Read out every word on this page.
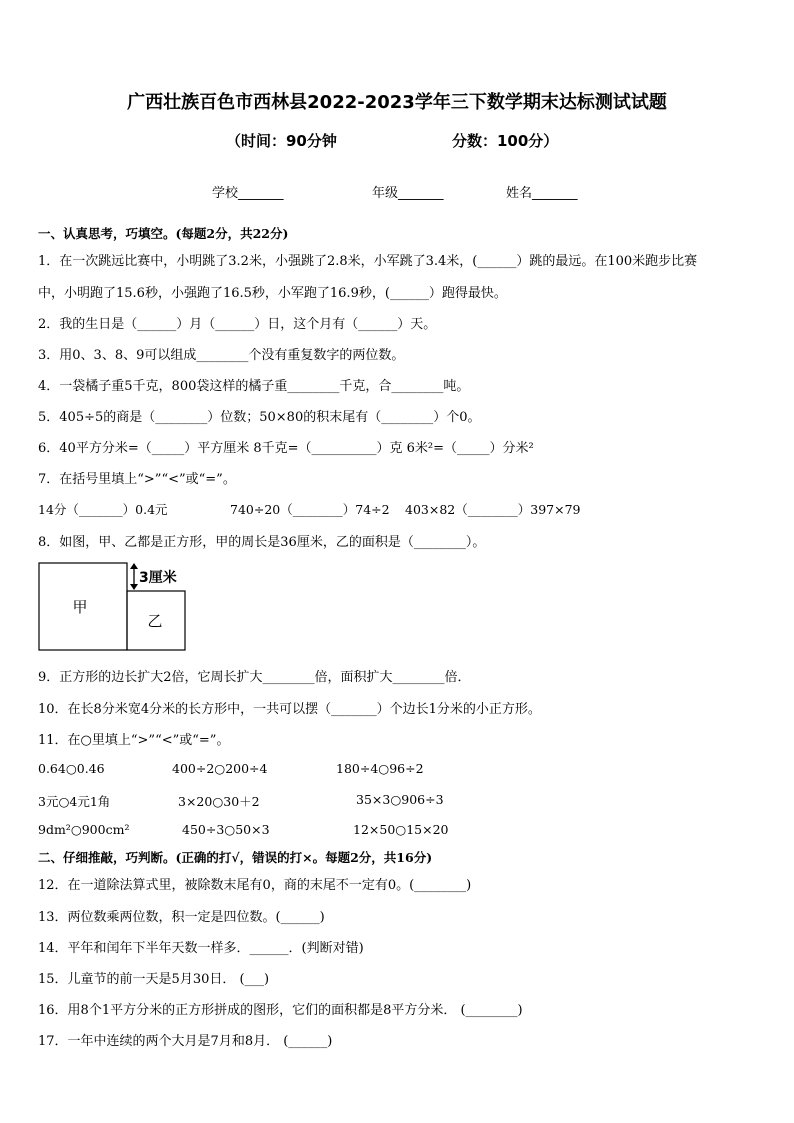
广西壮族百色市西林县2022-2023学年三下数学期末达标测试试题
（时间：90分钟	分数：100分）
学校_______	年级_______	姓名_______
一、认真思考，巧填空。(每题2分，共22分)
1．在一次跳远比赛中，小明跳了3.2米，小强跳了2.8米，小军跳了3.4米，(______）跳的最远。在100米跑步比赛
中，小明跑了15.6秒，小强跑了16.5秒，小军跑了16.9秒，(______）跑得最快。
2．我的生日是（______）月（______）日，这个月有（______）天。
3．用0、3、8、9可以组成________个没有重复数字的两位数。
4．一袋橘子重5千克，800袋这样的橘子重________千克，合________吨。
5．405÷5的商是（________）位数；50×80的积末尾有（________）个0。
6．40平方分米=（_____）平方厘米 8千克=（__________）克 6米²=（_____）分米²
7．在括号里填上“>”“<”或“=”。
14分（_______）0.4元	740÷20（________）74÷2 403×82（________）397×79
8．如图，甲、乙都是正方形，甲的周长是36厘米，乙的面积是（________）。
甲
乙
3厘米
9．正方形的边长扩大2倍，它周长扩大________倍，面积扩大________倍．
10．在长8分米宽4分米的长方形中，一共可以摆（_______）个边长1分米的小正方形。
11．在○里填上“>”“<”或“=”。
0.64○0.46	400÷2○200÷4	180÷4○96÷2
3元○4元1角	3×20○30＋2	35×3○906÷3
9dm²○900cm²	450÷3○50×3	12×50○15×20
二、仔细推敲，巧判断。(正确的打√，错误的打×。每题2分，共16分)
12．在一道除法算式里，被除数末尾有0，商的末尾不一定有0。(________)
13．两位数乘两位数，积一定是四位数。(______)
14．平年和闰年下半年天数一样多．______．(判断对错)
15．儿童节的前一天是5月30日． (___)
16．用8个1平方分米的正方形拼成的图形，它们的面积都是8平方分米． (________)
17．一年中连续的两个大月是7月和8月． (______)
